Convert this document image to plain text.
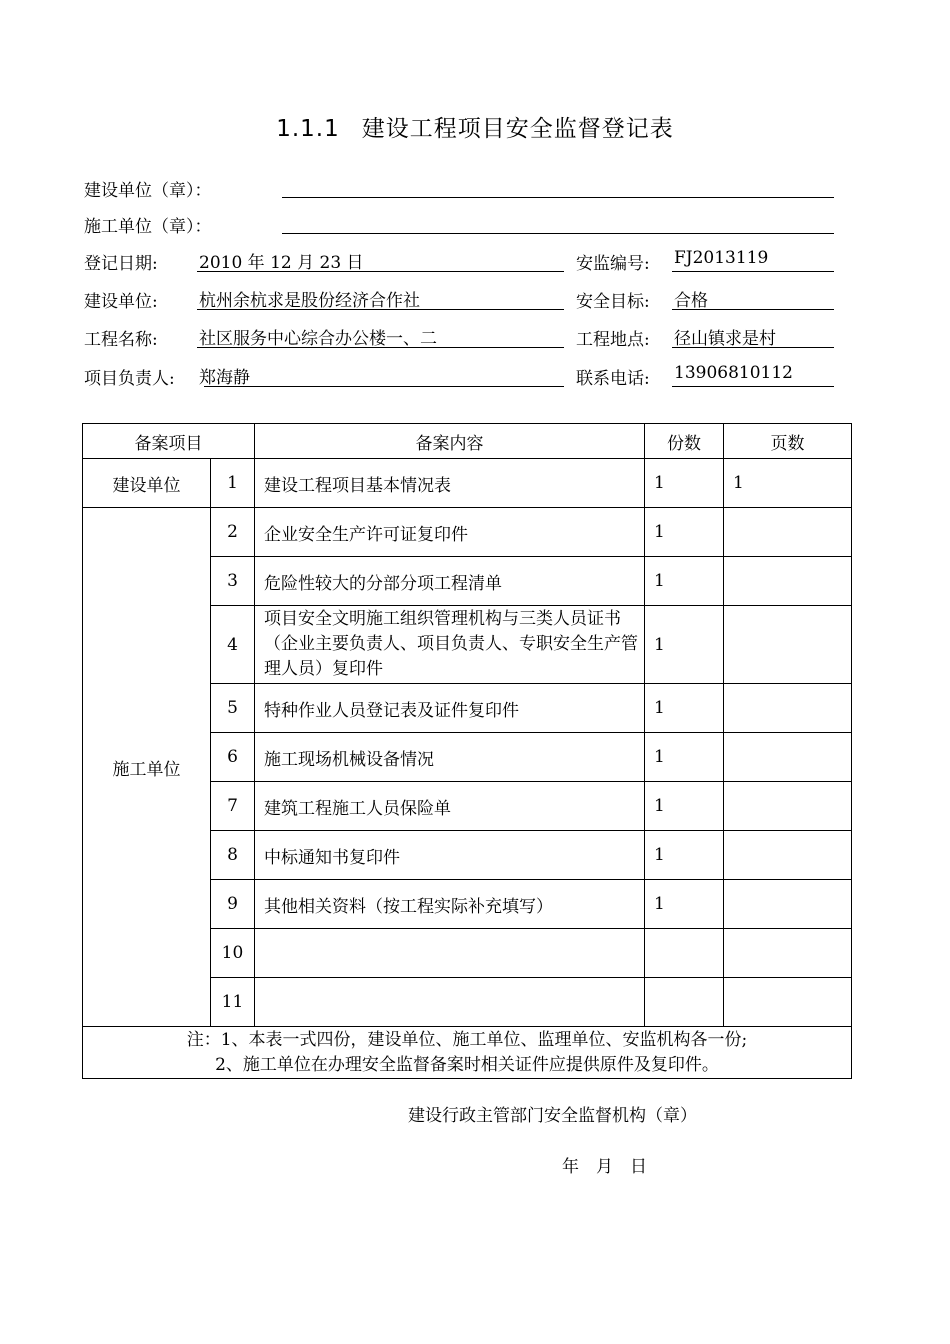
1.1.1 建设工程项目安全监督登记表
建设单位（章）：
施工单位（章）：
登记日期: 2010 年 12 月 23 日	安监编号: FJ2013119
建设单位: 杭州余杭求是股份经济合作社	安全目标: 合格
工程名称: 社区服务中心综合办公楼一、二	工程地点: 径山镇求是村
项目负责人: 郑海静	联系电话: 13906810112
备案项目		备案内容	份数	页数
建设单位	1	建设工程项目基本情况表	1	1
施工单位	2	企业安全生产许可证复印件	1	
	3	危险性较大的分部分项工程清单	1	
	4	项目安全文明施工组织管理机构与三类人员证书（企业主要负责人、项目负责人、专职安全生产管理人员）复印件	1	
	5	特种作业人员登记表及证件复印件	1	
	6	施工现场机械设备情况	1	
	7	建筑工程施工人员保险单	1	
	8	中标通知书复印件	1	
	9	其他相关资料（按工程实际补充填写）	1	
	10			
	11			

注：1、本表一式四份，建设单位、施工单位、监理单位、安监机构各一份;
2、施工单位在办理安全监督备案时相关证件应提供原件及复印件。				
建设行政主管部门安全监督机构（章）
年　月　日
